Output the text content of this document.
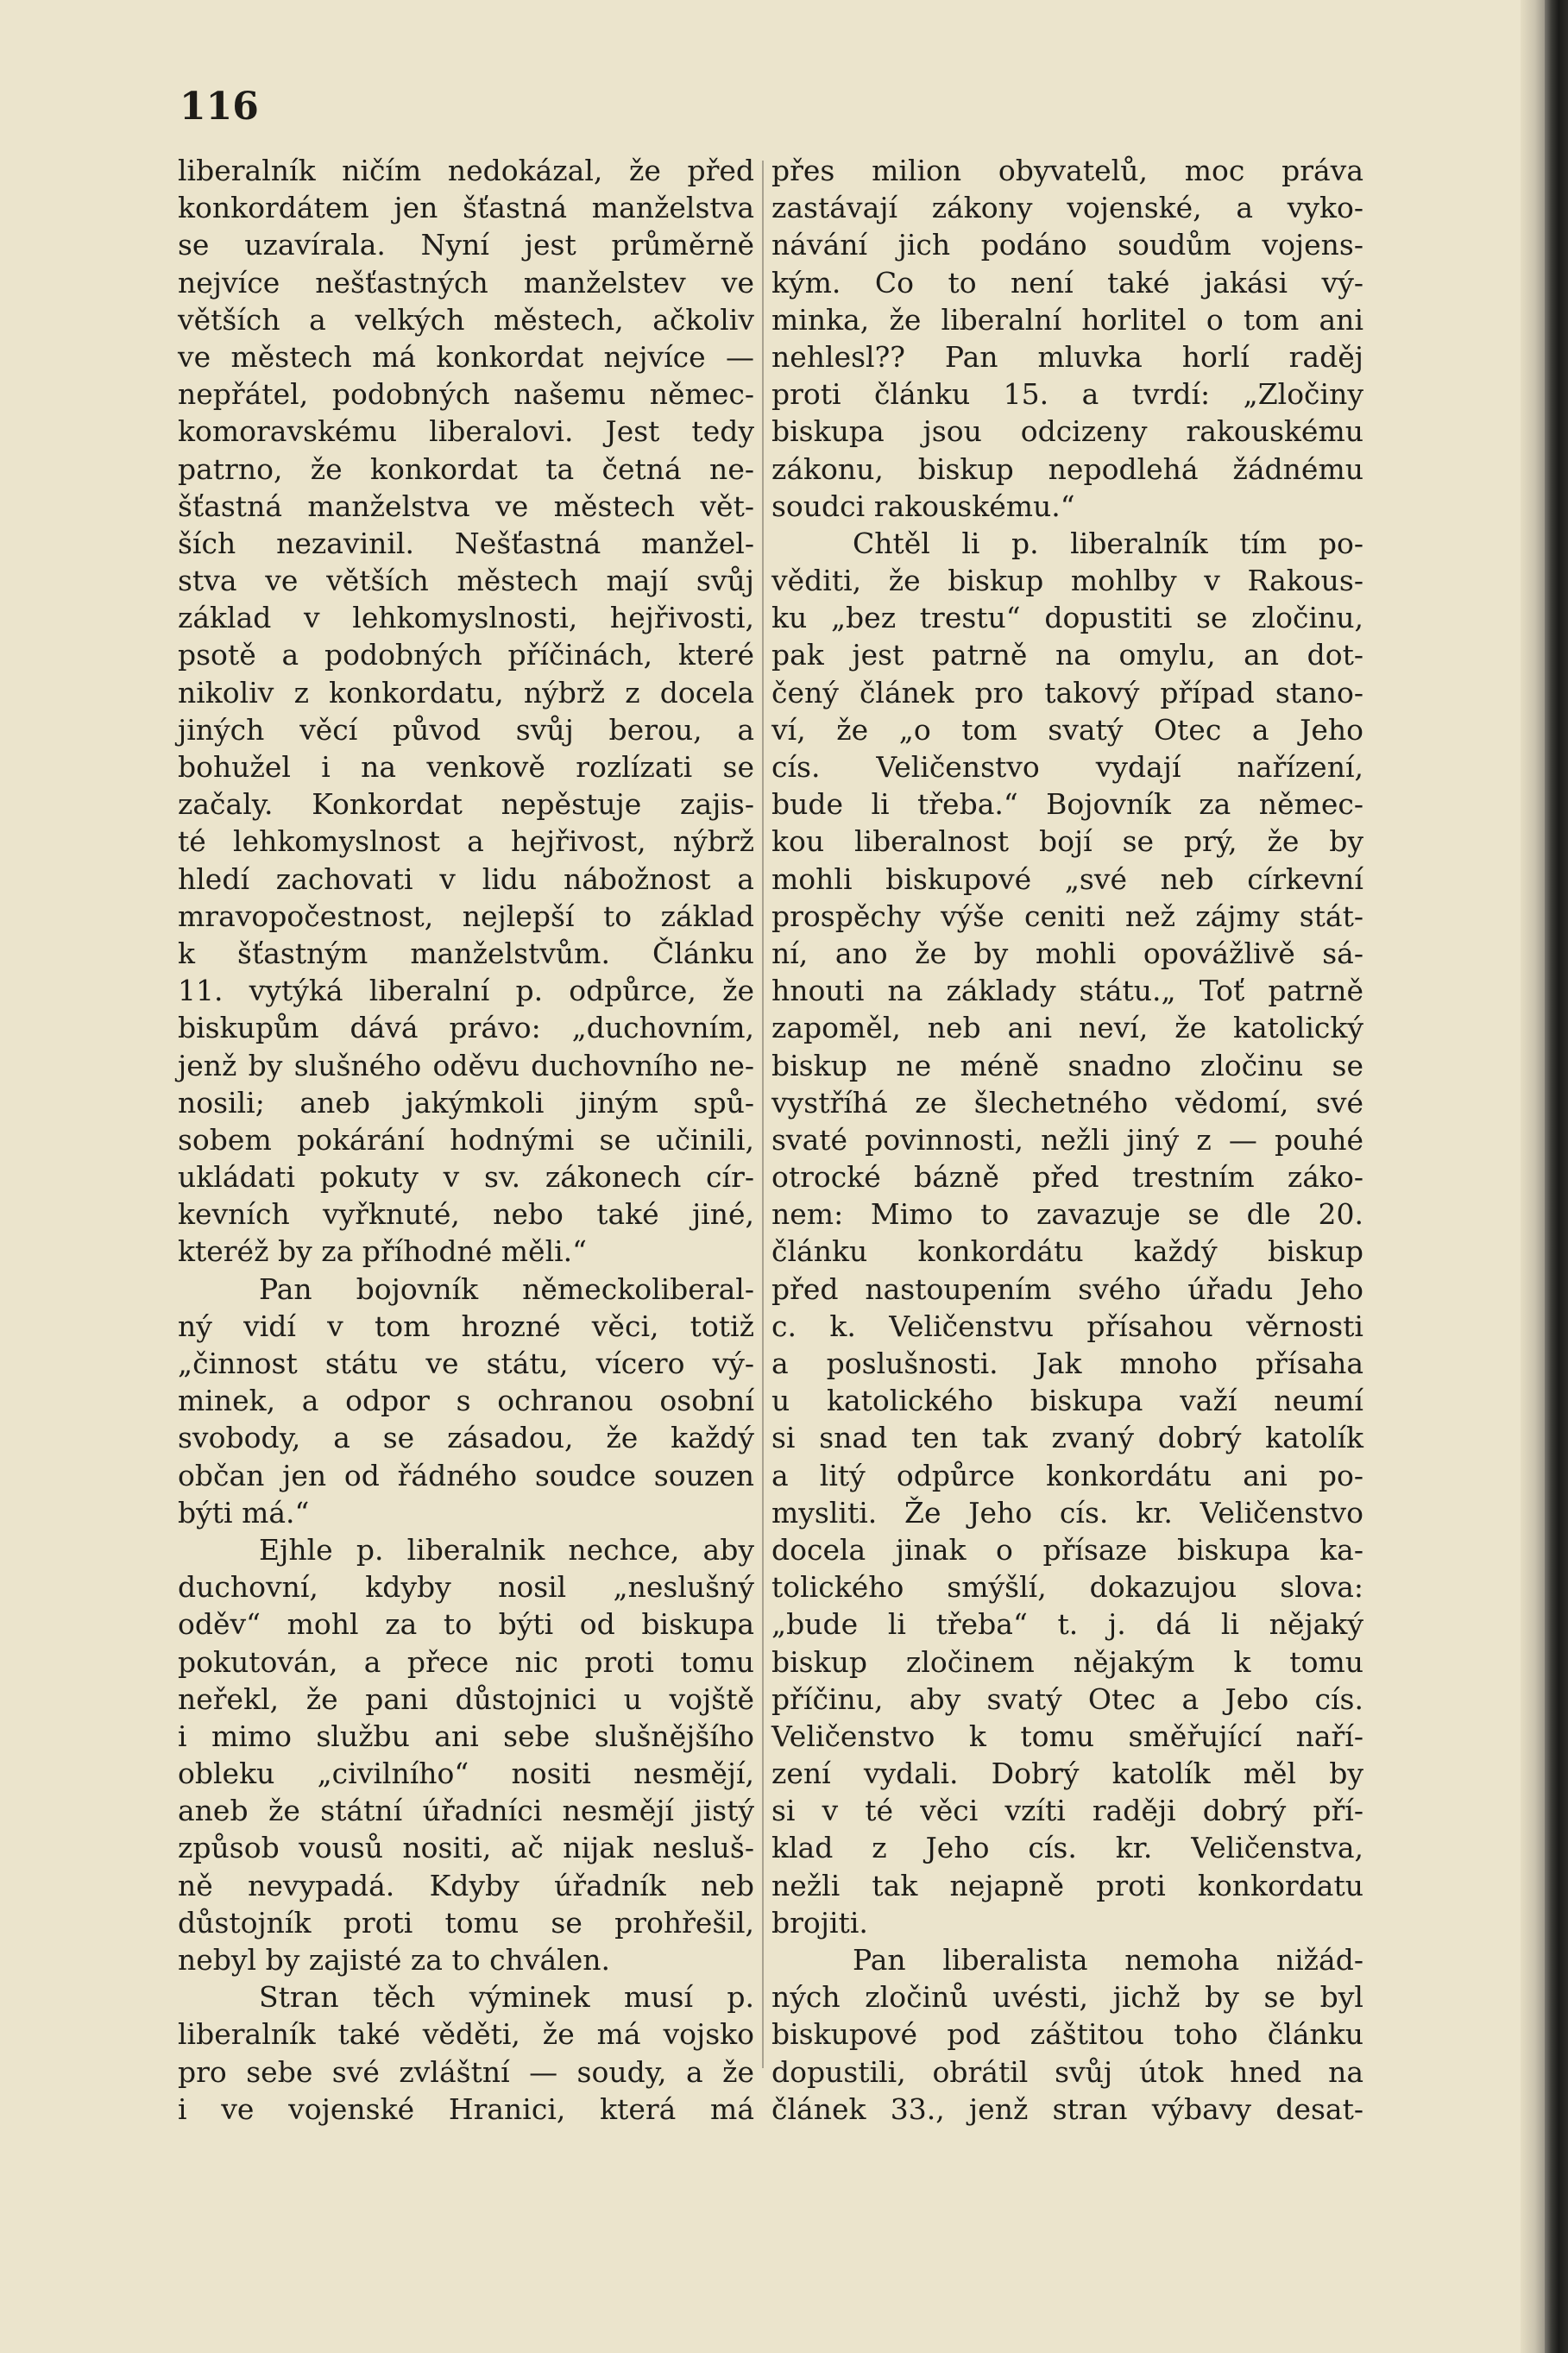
116
liberalník ničím nedokázal, že před
konkordátem jen šťastná manželstva
se uzavírala. Nyní jest průměrně
nejvíce nešťastných manželstev ve
větších a velkých městech, ačkoliv
ve městech má konkordat nejvíce —
nepřátel, podobných našemu němec-
komoravskému liberalovi. Jest tedy
patrno, že konkordat ta četná ne-
šťastná manželstva ve městech vět-
ších nezavinil. Nešťastná manžel-
stva ve větších městech mají svůj
základ v lehkomyslnosti, hejřivosti,
psotě a podobných příčinách, které
nikoliv z konkordatu, nýbrž z docela
jiných věcí původ svůj berou, a
bohužel i na venkově rozlízati se
začaly. Konkordat nepěstuje zajis-
té lehkomyslnost a hejřivost, nýbrž
hledí zachovati v lidu nábožnost a
mravopočestnost, nejlepší to základ
k šťastným manželstvům. Článku
11. vytýká liberalní p. odpůrce, že
biskupům dává právo: „duchovním,
jenž by slušného oděvu duchovního ne-
nosili; aneb jakýmkoli jiným spů-
sobem pokárání hodnými se učinili,
ukládati pokuty v sv. zákonech cír-
kevních vyřknuté, nebo také jiné,
kteréž by za příhodné měli.“
Pan bojovník německoliberal-
ný vidí v tom hrozné věci, totiž
„činnost státu ve státu, vícero vý-
minek, a odpor s ochranou osobní
svobody, a se zásadou, že každý
občan jen od řádného soudce souzen
býti má.“
Ejhle p. liberalnik nechce, aby
duchovní, kdyby nosil „neslušný
oděv“ mohl za to býti od biskupa
pokutován, a přece nic proti tomu
neřekl, že pani důstojnici u vojště
i mimo službu ani sebe slušnějšího
obleku „civilního“ nositi nesmějí,
aneb že státní úřadníci nesmějí jistý
způsob vousů nositi, ač nijak nesluš-
ně nevypadá. Kdyby úřadník neb
důstojník proti tomu se prohřešil,
nebyl by zajisté za to chválen.
Stran těch výminek musí p.
liberalník také věděti, že má vojsko
pro sebe své zvláštní — soudy, a že
i ve vojenské Hranici, která má
přes milion obyvatelů, moc práva
zastávají zákony vojenské, a vyko-
návání jich podáno soudům vojens-
kým. Co to není také jakási vý-
minka, že liberalní horlitel o tom ani
nehlesl?? Pan mluvka horlí raděj
proti článku 15. a tvrdí: „Zločiny
biskupa jsou odcizeny rakouskému
zákonu, biskup nepodlehá žádnému
soudci rakouskému.“
Chtěl li p. liberalník tím po-
věditi, že biskup mohlby v Rakous-
ku „bez trestu“ dopustiti se zločinu,
pak jest patrně na omylu, an dot-
čený článek pro takový případ stano-
ví, že „o tom svatý Otec a Jeho
cís. Veličenstvo vydají nařízení,
bude li třeba.“ Bojovník za němec-
kou liberalnost bojí se prý, že by
mohli biskupové „své neb církevní
prospěchy výše ceniti než zájmy stát-
ní, ano že by mohli opovážlivě sá-
hnouti na základy státu.„ Toť patrně
zapoměl, neb ani neví, že katolický
biskup ne méně snadno zločinu se
vystříhá ze šlechetného vědomí, své
svaté povinnosti, nežli jiný z — pouhé
otrocké bázně před trestním záko-
nem: Mimo to zavazuje se dle 20.
článku konkordátu každý biskup
před nastoupením svého úřadu Jeho
c. k. Veličenstvu přísahou věrnosti
a poslušnosti. Jak mnoho přísaha
u katolického biskupa važí neumí
si snad ten tak zvaný dobrý katolík
a litý odpůrce konkordátu ani po-
mysliti. Že Jeho cís. kr. Veličenstvo
docela jinak o přísaze biskupa ka-
tolického smýšlí, dokazujou slova:
„bude li třeba“ t. j. dá li nějaký
biskup zločinem nějakým k tomu
příčinu, aby svatý Otec a Jebo cís.
Veličenstvo k tomu směřující naří-
zení vydali. Dobrý katolík měl by
si v té věci vzíti raději dobrý pří-
klad z Jeho cís. kr. Veličenstva,
nežli tak nejapně proti konkordatu
brojiti.
Pan liberalista nemoha nižád-
ných zločinů uvésti, jichž by se byl
biskupové pod záštitou toho článku
dopustili, obrátil svůj útok hned na
článek 33., jenž stran výbavy desat-
